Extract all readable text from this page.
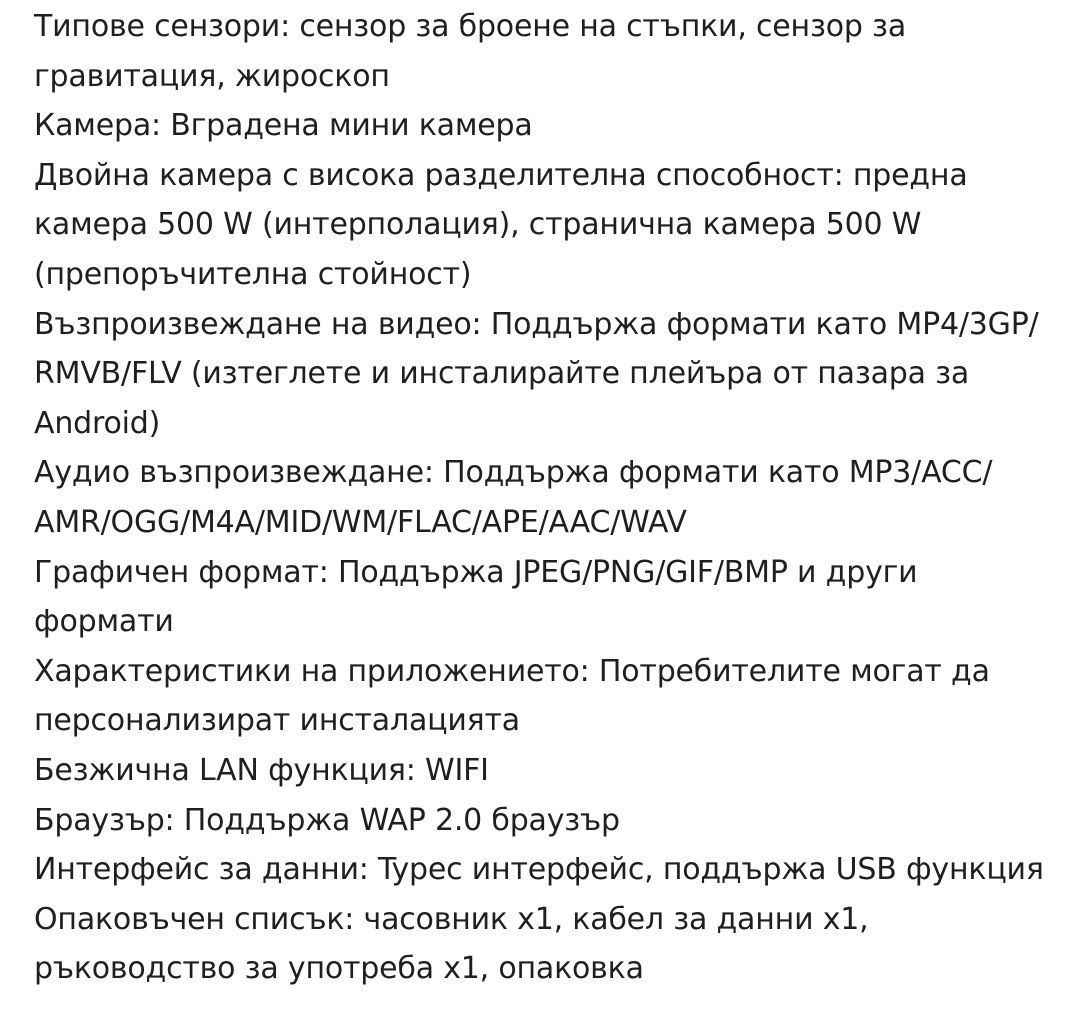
Типове сензори: сензор за броене на стъпки, сензор за

гравитация, жироскоп

Камера: Вградена мини камера

Двойна камера с висока разделителна способност: предна

камера 500 W (интерполация), странична камера 500 W

(препоръчителна стойност)

Възпроизвеждане на видео: Поддържа формати като MP4/3GP/

RMVB/FLV (изтеглете и инсталирайте плейъра от пазара за

Android)

Аудио възпроизвеждане: Поддържа формати като MP3/ACC/

AMR/OGG/M4A/MID/WM/FLAC/APE/AAC/WAV

Графичен формат: Поддържа JPEG/PNG/GIF/BMP и други

формати

Характеристики на приложението: Потребителите могат да

персонализират инсталацията

Безжична LAN функция: WIFI

Браузър: Поддържа WAP 2.0 браузър

Интерфейс за данни: Typec интерфейс, поддържа USB функция

Опаковъчен списък: часовник x1, кабел за данни x1,

ръководство за употреба x1, опаковка
